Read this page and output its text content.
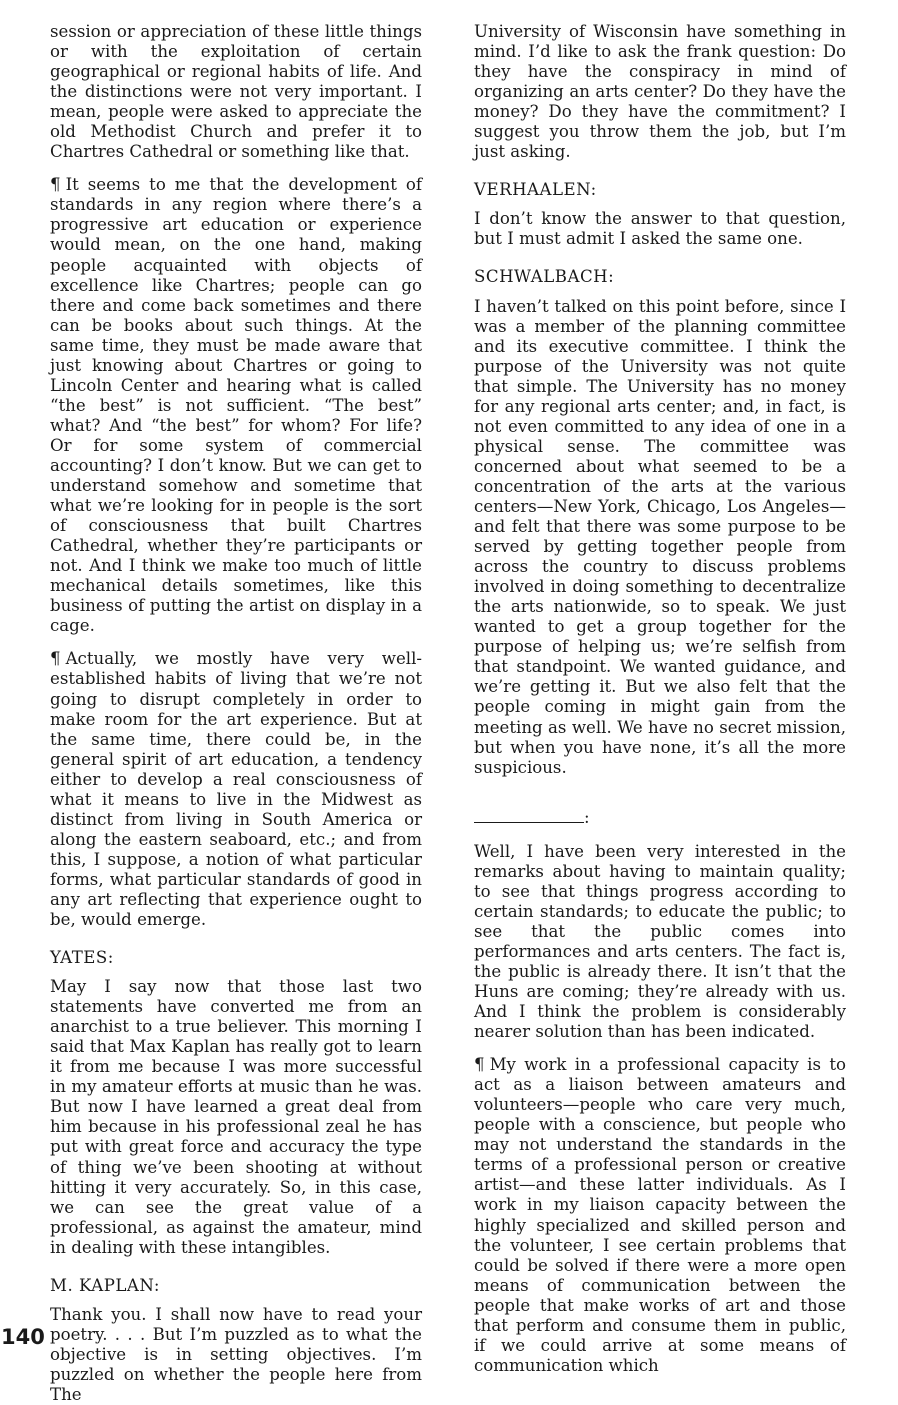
session or appreciation of these little things or with the exploitation of certain geographical or regional habits of life. And the distinctions were not very important. I mean, people were asked to appreciate the old Methodist Church and prefer it to Chartres Cathedral or something like that.

¶ It seems to me that the development of standards in any region where there’s a progressive art education or experience would mean, on the one hand, making people acquainted with objects of excellence like Chartres; people can go there and come back sometimes and there can be books about such things. At the same time, they must be made aware that just knowing about Chartres or going to Lincoln Center and hearing what is called “the best” is not sufficient. “The best” what? And “the best” for whom? For life? Or for some system of commercial accounting? I don’t know. But we can get to understand somehow and sometime that what we’re looking for in people is the sort of consciousness that built Chartres Cathedral, whether they’re participants or not. And I think we make too much of little mechanical details sometimes, like this business of putting the artist on display in a cage.

¶ Actually, we mostly have very well-established habits of living that we’re not going to disrupt completely in order to make room for the art experience. But at the same time, there could be, in the general spirit of art education, a tendency either to develop a real consciousness of what it means to live in the Midwest as distinct from living in South America or along the eastern seaboard, etc.; and from this, I suppose, a notion of what particular forms, what particular standards of good in any art reflecting that experience ought to be, would emerge.

YATES:

May I say now that those last two statements have converted me from an anarchist to a true believer. This morning I said that Max Kaplan has really got to learn it from me because I was more successful in my amateur efforts at music than he was. But now I have learned a great deal from him because in his professional zeal he has put with great force and accuracy the type of thing we’ve been shooting at without hitting it very accurately. So, in this case, we can see the great value of a professional, as against the amateur, mind in dealing with these intangibles.

M. KAPLAN:

Thank you. I shall now have to read your poetry. . . . But I’m puzzled as to what the objective is in setting objectives. I’m puzzled on whether the people here from The

University of Wisconsin have something in mind. I’d like to ask the frank question: Do they have the conspiracy in mind of organizing an arts center? Do they have the money? Do they have the commitment? I suggest you throw them the job, but I’m just asking.

VERHAALEN:

I don’t know the answer to that question, but I must admit I asked the same one.

SCHWALBACH:

I haven’t talked on this point before, since I was a member of the planning committee and its executive committee. I think the purpose of the University was not quite that simple. The University has no money for any regional arts center; and, in fact, is not even committed to any idea of one in a physical sense. The committee was concerned about what seemed to be a concentration of the arts at the various centers—New York, Chicago, Los Angeles—and felt that there was some purpose to be served by getting together people from across the country to discuss problems involved in doing something to decentralize the arts nationwide, so to speak. We just wanted to get a group together for the purpose of helping us; we’re selfish from that standpoint. We wanted guidance, and we’re getting it. But we also felt that the people coming in might gain from the meeting as well. We have no secret mission, but when you have none, it’s all the more suspicious.

:

Well, I have been very interested in the remarks about having to maintain quality; to see that things progress according to certain standards; to educate the public; to see that the public comes into performances and arts centers. The fact is, the public is already there. It isn’t that the Huns are coming; they’re already with us. And I think the problem is considerably nearer solution than has been indicated.

¶ My work in a professional capacity is to act as a liaison between amateurs and volunteers—people who care very much, people with a conscience, but people who may not understand the standards in the terms of a professional person or creative artist—and these latter individuals. As I work in my liaison capacity between the highly specialized and skilled person and the volunteer, I see certain problems that could be solved if there were a more open means of communication between the people that make works of art and those that perform and consume them in public, if we could arrive at some means of communication which

140
